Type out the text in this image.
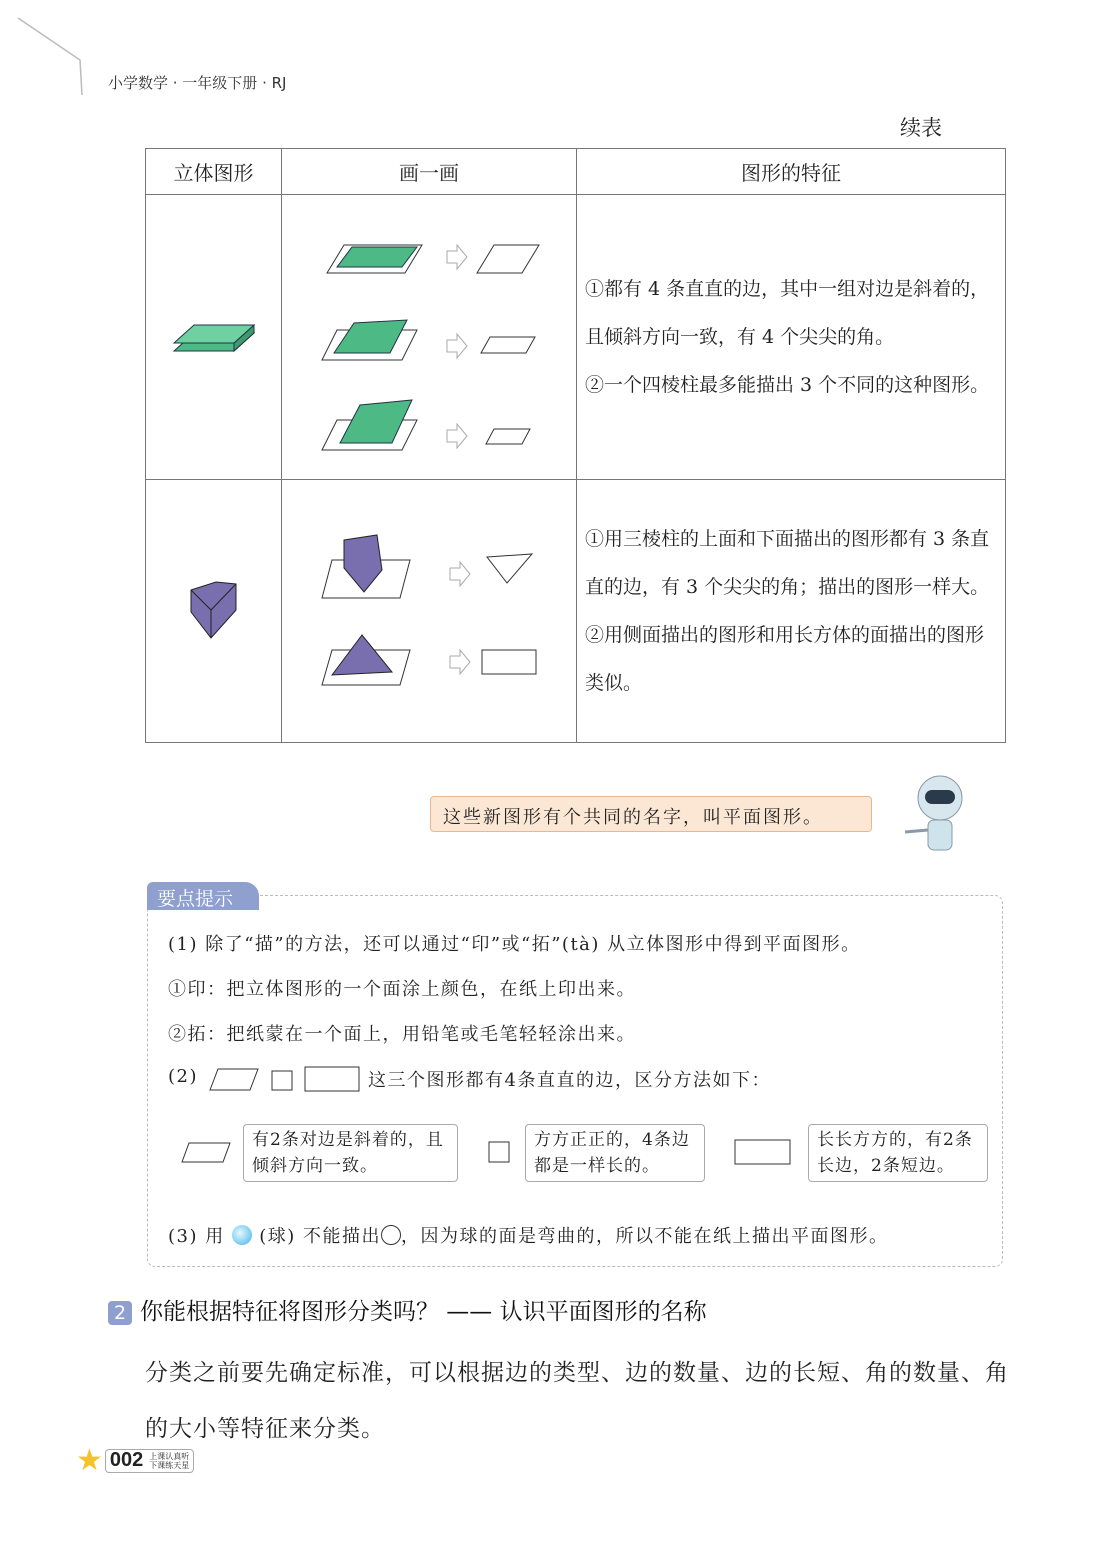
小学数学 · 一年级下册 · RJ
续表
立体图形	画一画	图形的特征

①都有 4 条直直的边，其中一组对边是斜着的，且倾斜方向一致，有 4 个尖尖的角。
②一个四棱柱最多能描出 3 个不同的这种图形。

①用三棱柱的上面和下面描出的图形都有 3 条直直的边，有 3 个尖尖的角；描出的图形一样大。
②用侧面描出的图形和用长方体的面描出的图形类似。
这些新图形有个共同的名字，叫平面图形。
要点提示
(1) 除了“描”的方法，还可以通过“印”或“拓”(tà) 从立体图形中得到平面图形。
①印：把立体图形的一个面涂上颜色，在纸上印出来。
②拓：把纸蒙在一个面上，用铅笔或毛笔轻轻涂出来。
(2)	这三个图形都有4条直直的边，区分方法如下：
有2条对边是斜着的，且倾斜方向一致。
方方正正的，4条边都是一样长的。
长长方方的，有2条长边，2条短边。
(3) 用 (球) 不能描出 ，因为球的面是弯曲的，所以不能在纸上描出平面图形。
2 你能根据特征将图形分类吗？ —— 认识平面图形的名称
分类之前要先确定标准，可以根据边的类型、边的数量、边的长短、角的数量、角的大小等特征来分类。
★ 002 上课认真听
下课练天星
